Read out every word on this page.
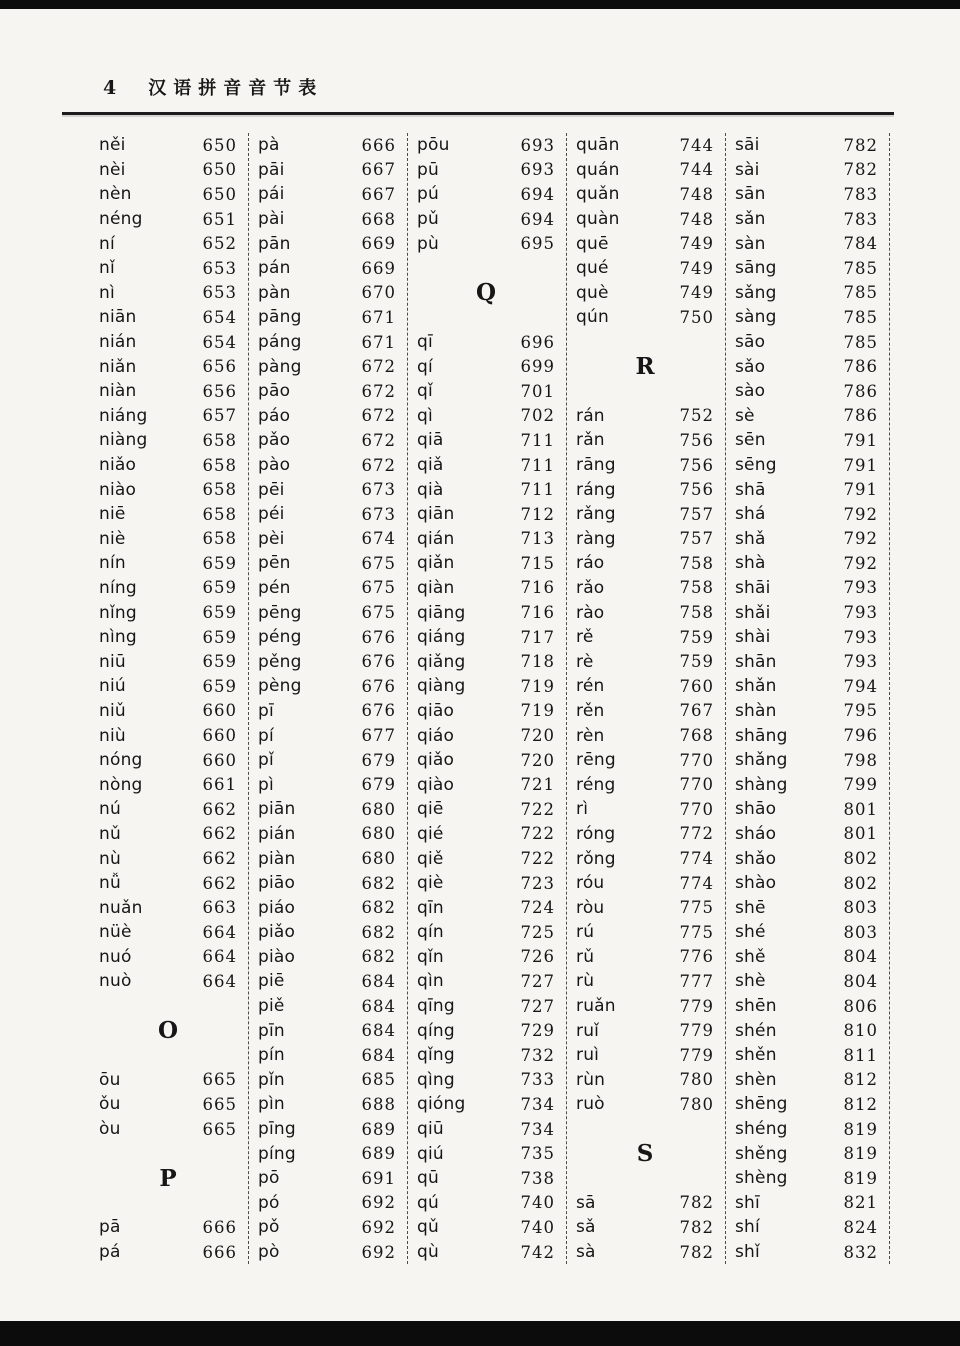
4 汉语拼音音节表
něi	650
nèi	650
nèn	650
néng	651
ní	652
nǐ	653
nì	653
niān	654
nián	654
niǎn	656
niàn	656
niáng	657
niàng	658
niǎo	658
niào	658
niē	658
niè	658
nín	659
níng	659
nǐng	659
nìng	659
niū	659
niú	659
niǔ	660
niù	660
nóng	660
nòng	661
nú	662
nǔ	662
nù	662
nǚ	662
nuǎn	663
nüè	664
nuó	664
nuò	664
O
ōu	665
ǒu	665
òu	665
P
pā	666
pá	666
pà	666
pāi	667
pái	667
pài	668
pān	669
pán	669
pàn	670
pāng	671
páng	671
pàng	672
pāo	672
páo	672
pǎo	672
pào	672
pēi	673
péi	673
pèi	674
pēn	675
pén	675
pēng	675
péng	676
pěng	676
pèng	676
pī	676
pí	677
pǐ	679
pì	679
piān	680
pián	680
piàn	680
piāo	682
piáo	682
piǎo	682
piào	682
piē	684
piě	684
pīn	684
pín	684
pǐn	685
pìn	688
pīng	689
píng	689
pō	691
pó	692
pǒ	692
pò	692
pōu	693
pū	693
pú	694
pǔ	694
pù	695
Q
qī	696
qí	699
qǐ	701
qì	702
qiā	711
qiǎ	711
qià	711
qiān	712
qián	713
qiǎn	715
qiàn	716
qiāng	716
qiáng	717
qiǎng	718
qiàng	719
qiāo	719
qiáo	720
qiǎo	720
qiào	721
qiē	722
qié	722
qiě	722
qiè	723
qīn	724
qín	725
qǐn	726
qìn	727
qīng	727
qíng	729
qǐng	732
qìng	733
qióng	734
qiū	734
qiú	735
qū	738
qú	740
qǔ	740
qù	742
quān	744
quán	744
quǎn	748
quàn	748
quē	749
qué	749
què	749
qún	750
R
rán	752
rǎn	756
rāng	756
ráng	756
rǎng	757
ràng	757
ráo	758
rǎo	758
rào	758
rě	759
rè	759
rén	760
rěn	767
rèn	768
rēng	770
réng	770
rì	770
róng	772
rǒng	774
róu	774
ròu	775
rú	775
rǔ	776
rù	777
ruǎn	779
ruǐ	779
ruì	779
rùn	780
ruò	780
S
sā	782
sǎ	782
sà	782
sāi	782
sài	782
sān	783
sǎn	783
sàn	784
sāng	785
sǎng	785
sàng	785
sāo	785
sǎo	786
sào	786
sè	786
sēn	791
sēng	791
shā	791
shá	792
shǎ	792
shà	792
shāi	793
shǎi	793
shài	793
shān	793
shǎn	794
shàn	795
shāng	796
shǎng	798
shàng	799
shāo	801
sháo	801
shǎo	802
shào	802
shē	803
shé	803
shě	804
shè	804
shēn	806
shén	810
shěn	811
shèn	812
shēng	812
shéng	819
shěng	819
shèng	819
shī	821
shí	824
shǐ	832
